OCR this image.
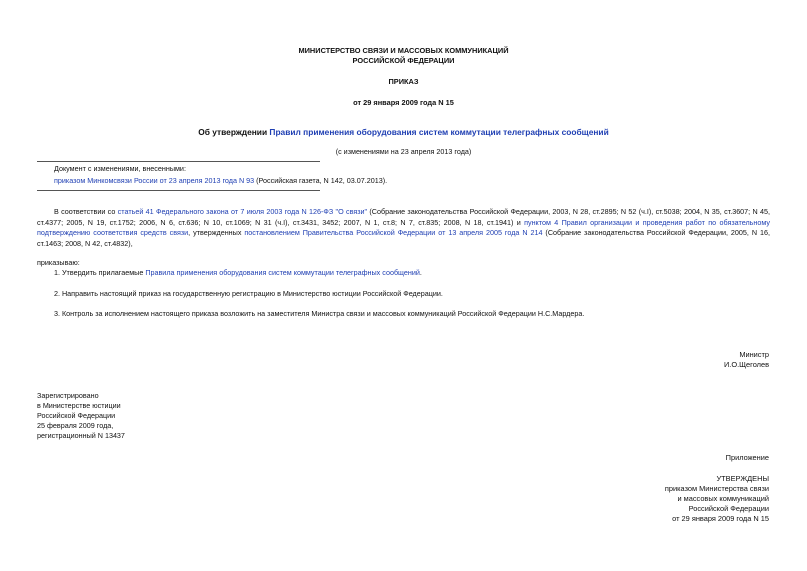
МИНИСТЕРСТВО СВЯЗИ И МАССОВЫХ КОММУНИКАЦИЙ
РОССИЙСКОЙ ФЕДЕРАЦИИ
ПРИКАЗ
от 29 января 2009 года N 15
Об утверждении Правил применения оборудования систем коммутации телеграфных сообщений
(с изменениями на 23 апреля 2013 года)
Документ с изменениями, внесенными:
приказом Минкомсвязи России от 23 апреля 2013 года N 93 (Российская газета, N 142, 03.07.2013).
В соответствии со статьей 41 Федерального закона от 7 июля 2003 года N 126-ФЗ "О связи" (Собрание законодательства Российской Федерации, 2003, N 28, ст.2895; N 52 (ч.I), ст.5038; 2004, N 35, ст.3607; N 45, ст.4377; 2005, N 19, ст.1752; 2006, N 6, ст.636; N 10, ст.1069; N 31 (ч.I), ст.3431, 3452; 2007, N 1, ст.8; N 7, ст.835; 2008, N 18, ст.1941) и пунктом 4 Правил организации и проведения работ по обязательному подтверждению соответствия средств связи, утвержденных постановлением Правительства Российской Федерации от 13 апреля 2005 года N 214 (Собрание законодательства Российской Федерации, 2005, N 16, ст.1463; 2008, N 42, ст.4832),
приказываю:
1. Утвердить прилагаемые Правила применения оборудования систем коммутации телеграфных сообщений.
2. Направить настоящий приказ на государственную регистрацию в Министерство юстиции Российской Федерации.
3. Контроль за исполнением настоящего приказа возложить на заместителя Министра связи и массовых коммуникаций Российской Федерации Н.С.Мардера.
Министр
И.О.Щеголев
Зарегистрировано
в Министерстве юстиции
Российской Федерации
25 февраля 2009 года,
регистрационный N 13437
Приложение
УТВЕРЖДЕНЫ
приказом Министерства связи
и массовых коммуникаций
Российской Федерации
от 29 января 2009 года N 15
